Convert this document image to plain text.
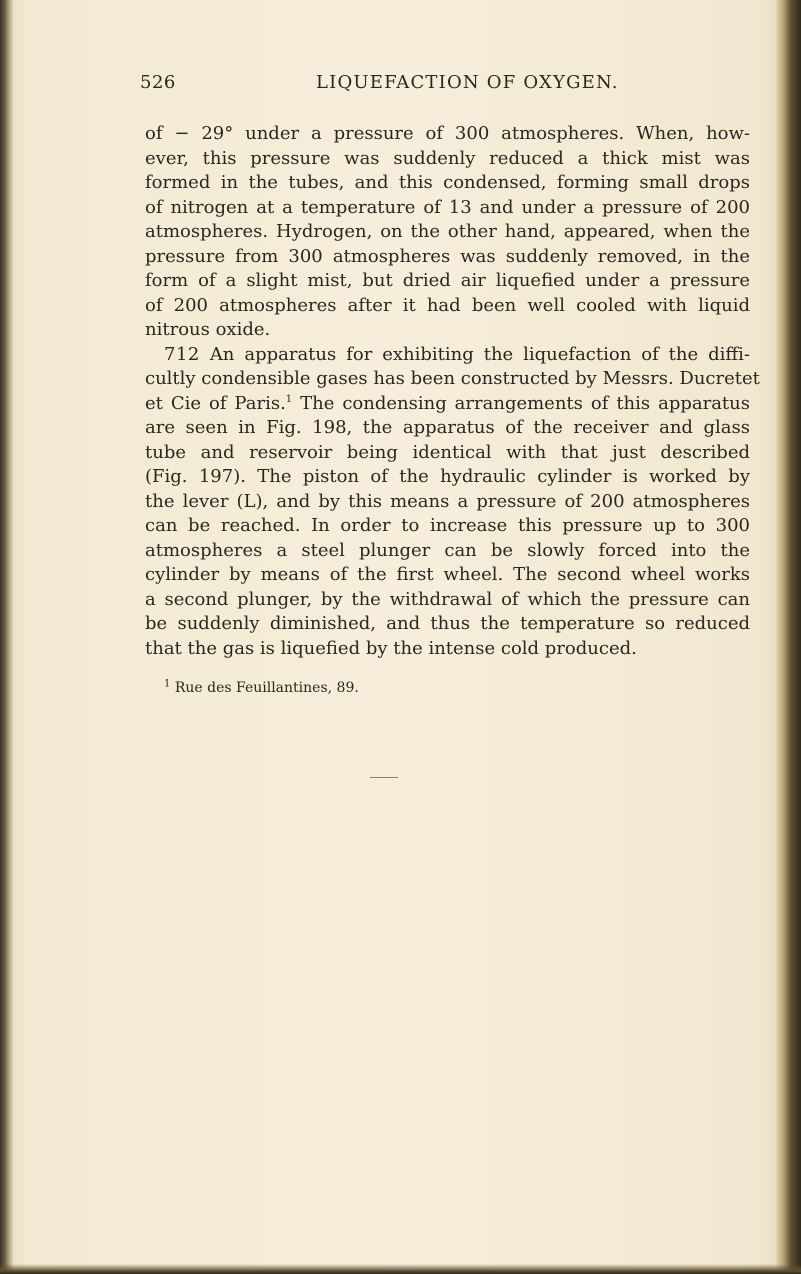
526	LIQUEFACTION OF OXYGEN.
of − 29° under a pressure of 300 atmospheres. When, how-
ever, this pressure was suddenly reduced a thick mist was
formed in the tubes, and this condensed, forming small drops
of nitrogen at a temperature of 13 and under a pressure of 200
atmospheres. Hydrogen, on the other hand, appeared, when the
pressure from 300 atmospheres was suddenly removed, in the
form of a slight mist, but dried air liquefied under a pressure
of 200 atmospheres after it had been well cooled with liquid
nitrous oxide.
712 An apparatus for exhibiting the liquefaction of the diffi-
cultly condensible gases has been constructed by Messrs. Ducretet
et Cie of Paris.$^1$ The condensing arrangements of this apparatus
are seen in Fig. 198, the apparatus of the receiver and glass
tube and reservoir being identical with that just described
(Fig. 197). The piston of the hydraulic cylinder is worked by
the lever (L), and by this means a pressure of 200 atmospheres
can be reached. In order to increase this pressure up to 300
atmospheres a steel plunger can be slowly forced into the
cylinder by means of the first wheel. The second wheel works
a second plunger, by the withdrawal of which the pressure can
be suddenly diminished, and thus the temperature so reduced
that the gas is liquefied by the intense cold produced.
$^1$ Rue des Feuillantines, 89.
